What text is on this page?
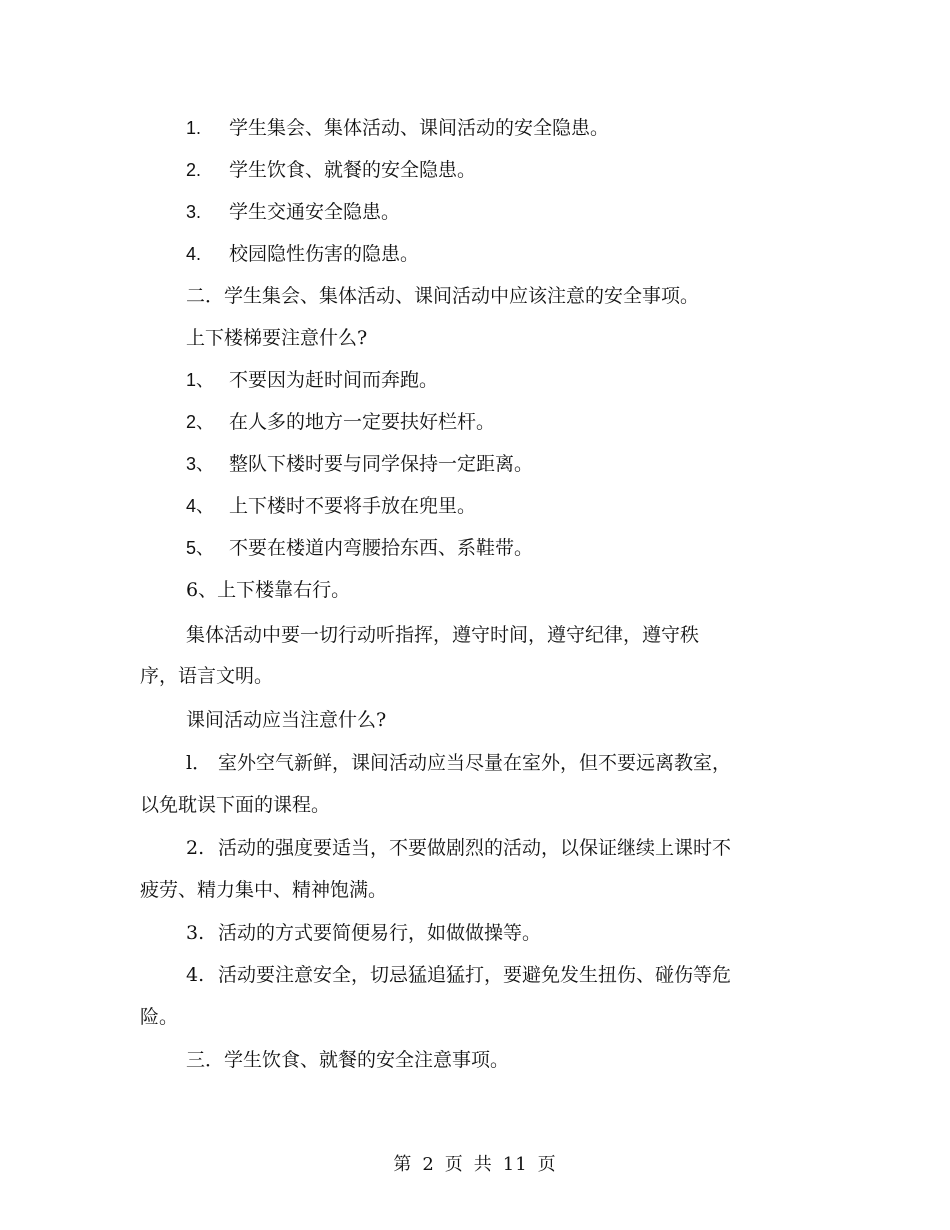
1. 学生集会、集体活动、课间活动的安全隐患。
2. 学生饮食、就餐的安全隐患。
3. 学生交通安全隐患。
4. 校园隐性伤害的隐患。
二．学生集会、集体活动、课间活动中应该注意的安全事项。
上下楼梯要注意什么?
1、 不要因为赶时间而奔跑。
2、 在人多的地方一定要扶好栏杆。
3、 整队下楼时要与同学保持一定距离。
4、 上下楼时不要将手放在兜里。
5、 不要在楼道内弯腰拾东西、系鞋带。
6、上下楼靠右行。
集体活动中要一切行动听指挥，遵守时间，遵守纪律，遵守秩
序，语言文明。
课间活动应当注意什么?
l． 室外空气新鲜，课间活动应当尽量在室外，但不要远离教室，
以免耽误下面的课程。
2. 活动的强度要适当，不要做剧烈的活动，以保证继续上课时不
疲劳、精力集中、精神饱满。
3. 活动的方式要简便易行，如做做操等。
4. 活动要注意安全，切忌猛追猛打，要避免发生扭伤、碰伤等危
险。
三．学生饮食、就餐的安全注意事项。
第 2 页 共 11 页
